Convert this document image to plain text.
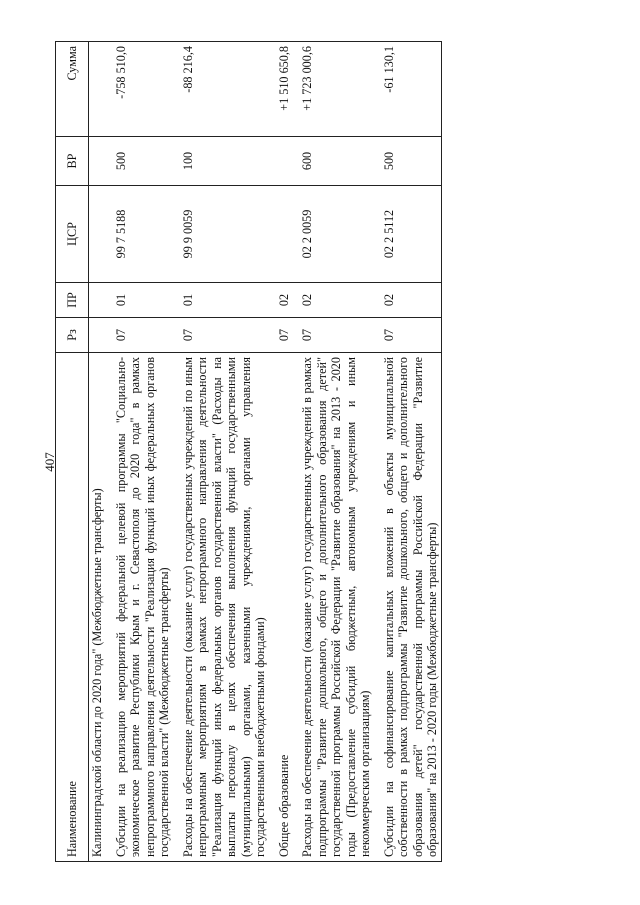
407
Наименование	Рз	ПР	ЦСР	ВР	Сумма
Калининградской области до 2020 года" (Межбюджетные трансферты)					
Субсидии на реализацию мероприятий федеральной целевой программы "Социально-экономическое развитие Республики Крым и г. Севастополя до 2020 года" в рамках непрограммного направления деятельности "Реализация функций иных федеральных органов государственной власти" (Межбюджетные трансферты)	07	01	99 7 5188	500	-758 510,0
Расходы на обеспечение деятельности (оказание услуг) государственных учреждений по иным непрограммным мероприятиям в рамках непрограммного направления деятельности "Реализация функций иных федеральных органов государственной власти" (Расходы на выплаты персоналу в целях обеспечения выполнения функций государственными (муниципальными) органами, казенными учреждениями, органами управления государственными внебюджетными фондами)	07	01	99 9 0059	100	-88 216,4
Общее образование	07	02			+1 510 650,8
Расходы на обеспечение деятельности (оказание услуг) государственных учреждений в рамках подпрограммы "Развитие дошкольного, общего и дополнительного образования детей" государственной программы Российской Федерации "Развитие образования" на 2013 - 2020 годы (Предоставление субсидий бюджетным, автономным учреждениям и иным некоммерческим организациям)	07	02	02 2 0059	600	+1 723 000,6
Субсидии на софинансирование капитальных вложений в объекты муниципальной собственности в рамках подпрограммы "Развитие дошкольного, общего и дополнительного образования детей" государственной программы Российской Федерации "Развитие образования" на 2013 - 2020 годы (Межбюджетные трансферты)	07	02	02 2 5112	500	-61 130,1
